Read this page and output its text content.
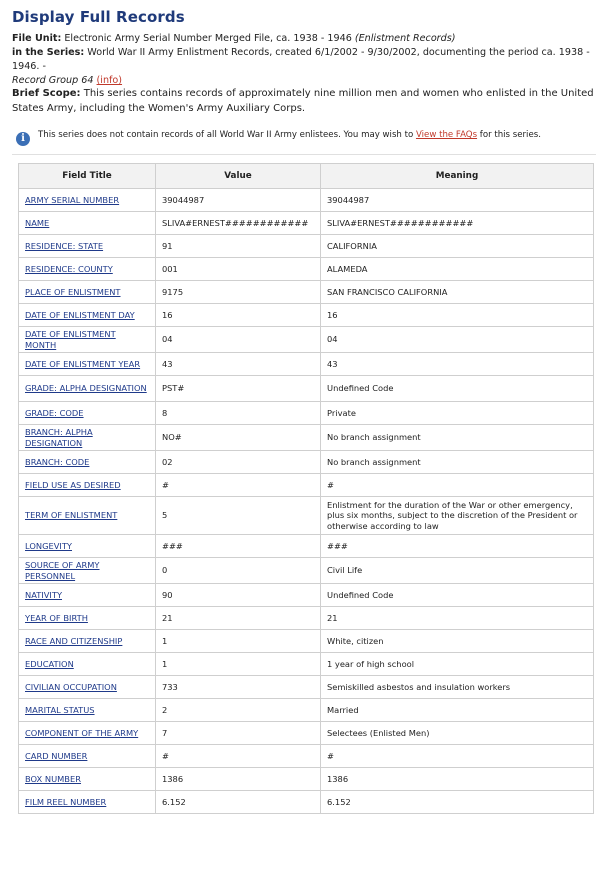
Display Full Records
File Unit: Electronic Army Serial Number Merged File, ca. 1938 - 1946 (Enlistment Records)
in the Series: World War II Army Enlistment Records, created 6/1/2002 - 9/30/2002, documenting the period ca. 1938 - 1946. -
Record Group 64 (info)
Brief Scope: This series contains records of approximately nine million men and women who enlisted in the United States Army, including the Women's Army Auxiliary Corps.
i	This series does not contain records of all World War II Army enlistees. You may wish to View the FAQs for this series.
Field Title	Value	Meaning
ARMY SERIAL NUMBER	39044987	39044987
NAME	SLIVA#ERNEST############	SLIVA#ERNEST############
RESIDENCE: STATE	91	CALIFORNIA
RESIDENCE: COUNTY	001	ALAMEDA
PLACE OF ENLISTMENT	9175	SAN FRANCISCO CALIFORNIA
DATE OF ENLISTMENT DAY	16	16
DATE OF ENLISTMENT MONTH	04	04
DATE OF ENLISTMENT YEAR	43	43
GRADE: ALPHA DESIGNATION	PST#	Undefined Code
GRADE: CODE	8	Private
BRANCH: ALPHA DESIGNATION	NO#	No branch assignment
BRANCH: CODE	02	No branch assignment
FIELD USE AS DESIRED	#	#
TERM OF ENLISTMENT	5	Enlistment for the duration of the War or other emergency, plus six months, subject to the discretion of the President or otherwise according to law
LONGEVITY	###	###
SOURCE OF ARMY PERSONNEL	0	Civil Life
NATIVITY	90	Undefined Code
YEAR OF BIRTH	21	21
RACE AND CITIZENSHIP	1	White, citizen
EDUCATION	1	1 year of high school
CIVILIAN OCCUPATION	733	Semiskilled asbestos and insulation workers
MARITAL STATUS	2	Married
COMPONENT OF THE ARMY	7	Selectees (Enlisted Men)
CARD NUMBER	#	#
BOX NUMBER	1386	1386
FILM REEL NUMBER	6.152	6.152
